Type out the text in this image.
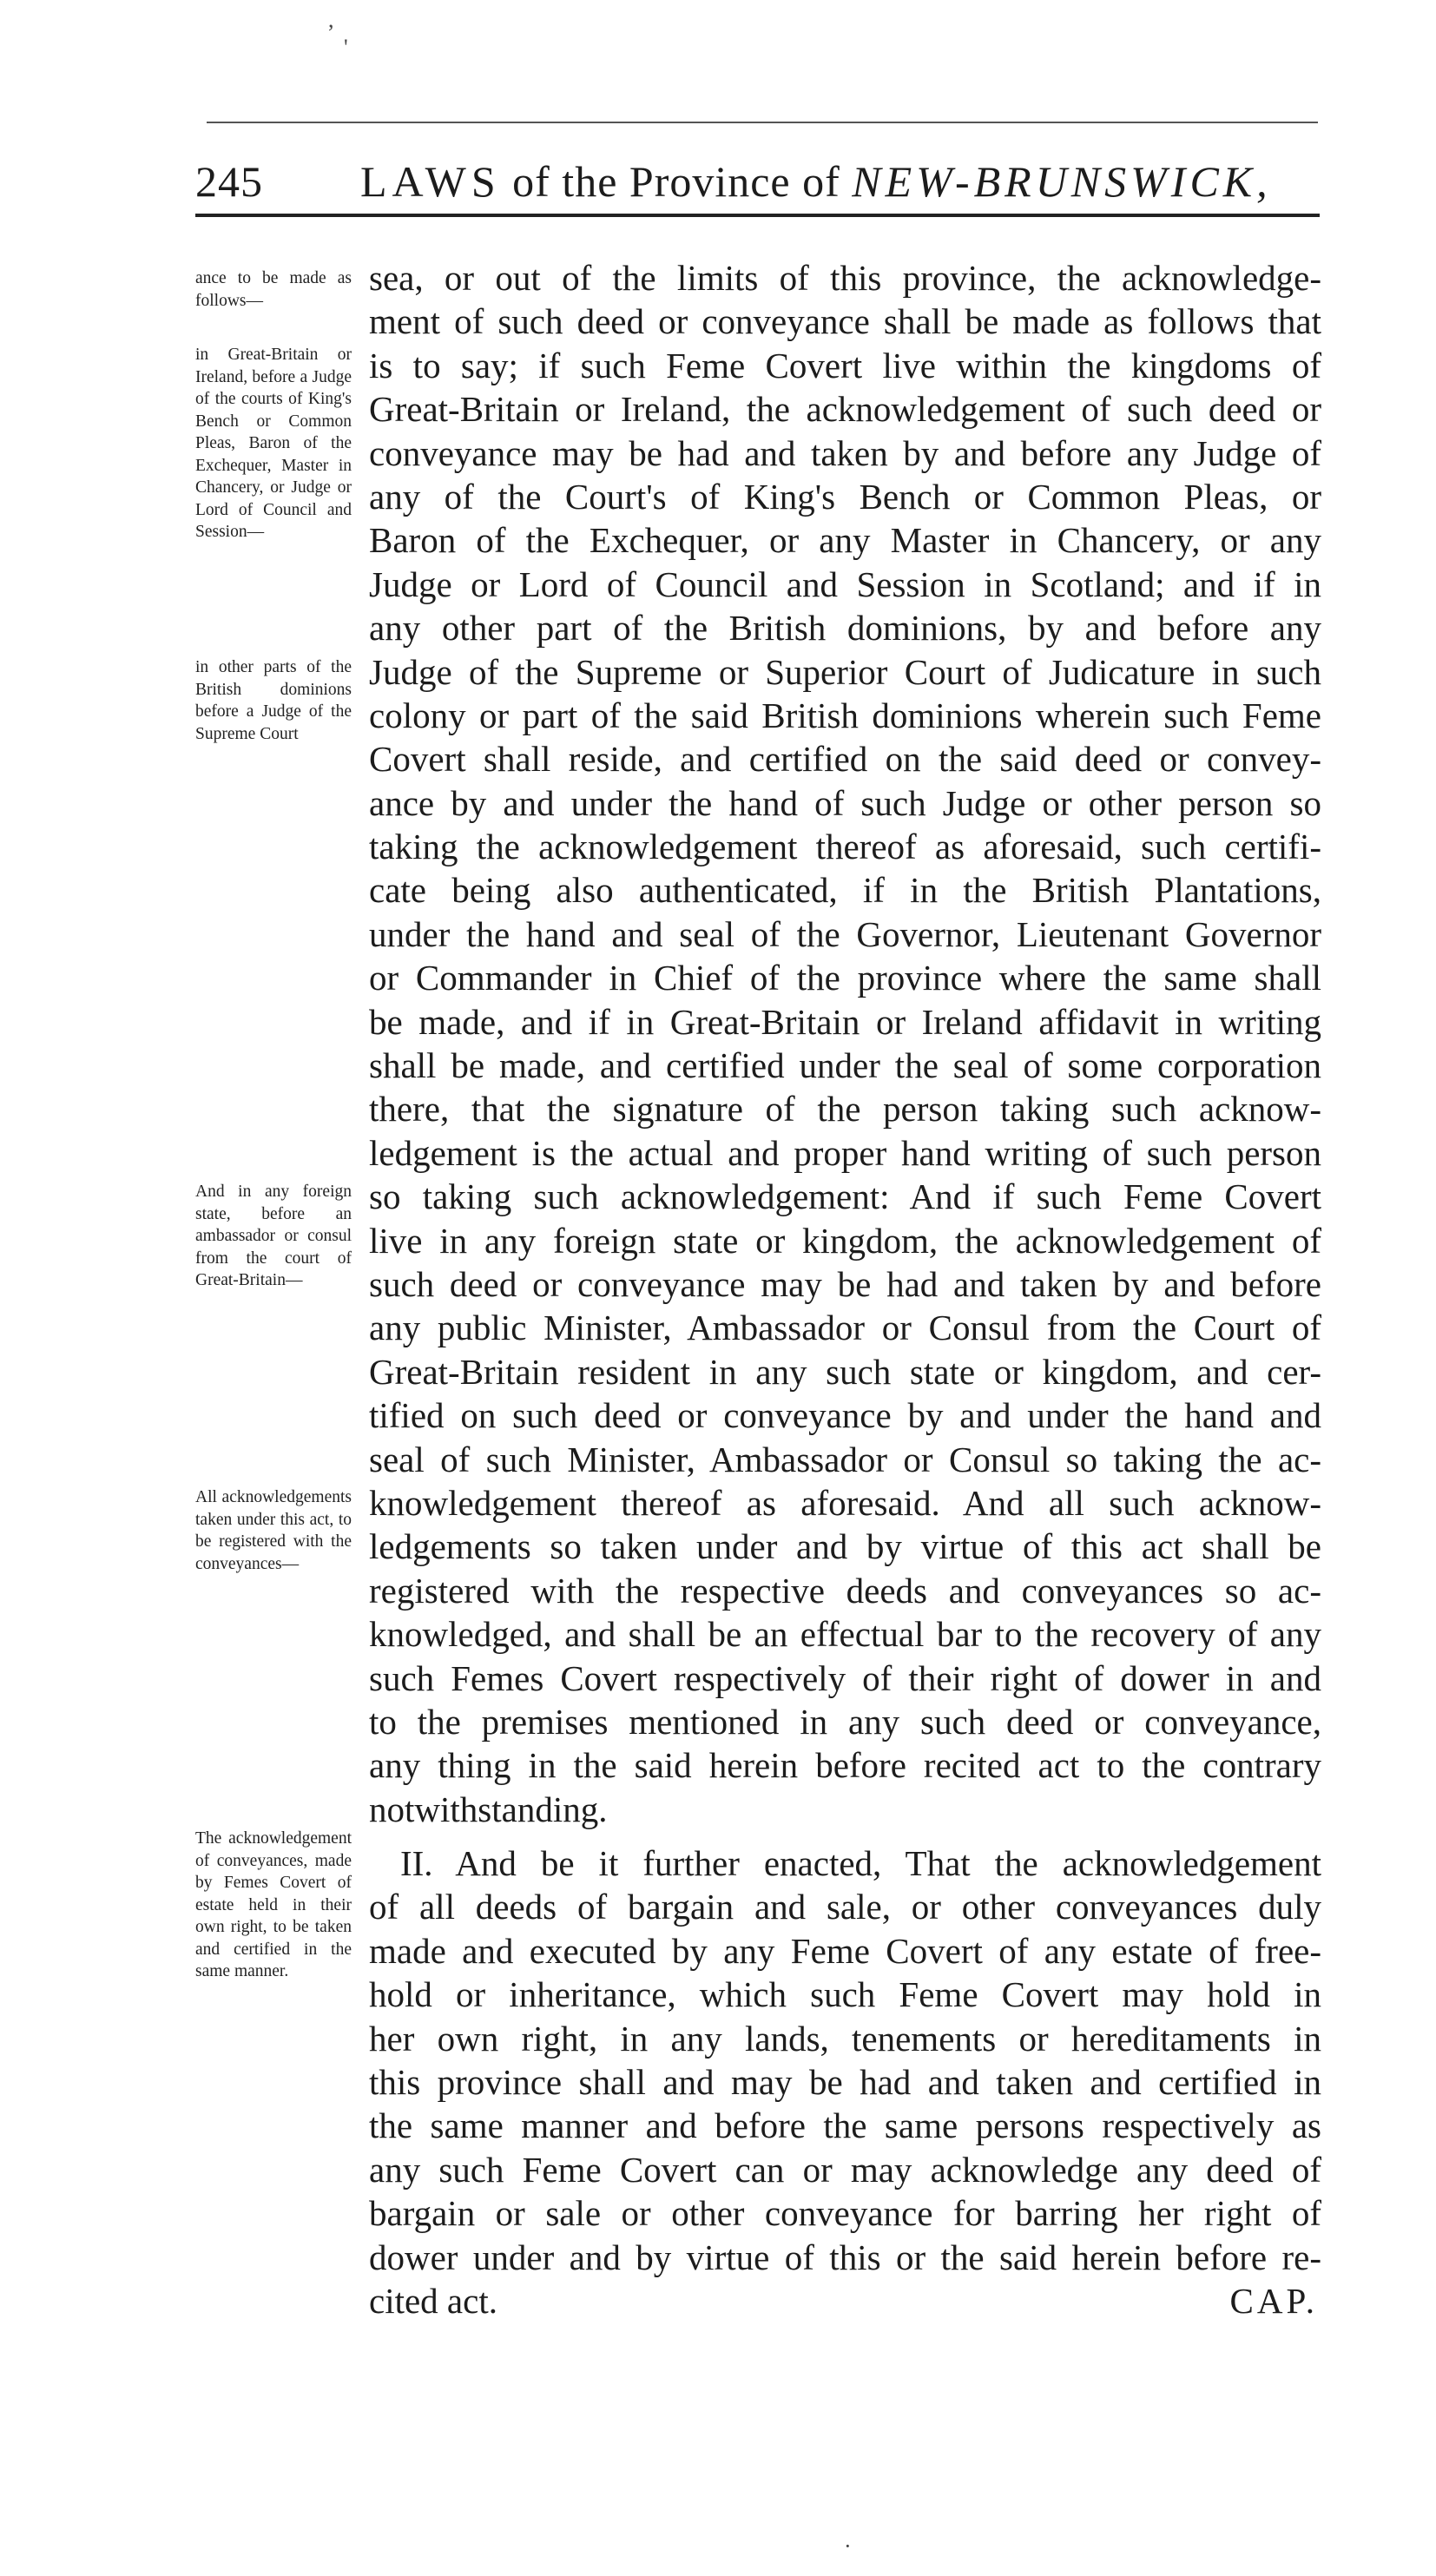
,
'
245 LAWS of the Province of NEW-BRUNSWICK,
ance to be made as follows—
in Great-Britain or Ireland, before a Judge of the courts of King's Bench or Common Pleas, Baron of the Exchequer, Master in Chancery, or Judge or Lord of Council and Session—
in other parts of the British dominions before a Judge of the Supreme Court
And in any foreign state, before an ambassador or consul from the court of Great-Britain—
All acknowledgements taken under this act, to be registered with the conveyances—
The acknowledgement of conveyances, made by Femes Covert of estate held in their own right, to be taken and certified in the same manner.
sea, or out of the limits of this province, the acknowledge-
ment of such deed or conveyance shall be made as follows that
is to say; if such Feme Covert live within the kingdoms of
Great-Britain or Ireland, the acknowledgement of such deed or
conveyance may be had and taken by and before any Judge of
any of the Court's of King's Bench or Common Pleas, or
Baron of the Exchequer, or any Master in Chancery, or any
Judge or Lord of Council and Session in Scotland; and if in
any other part of the British dominions, by and before any
Judge of the Supreme or Superior Court of Judicature in such
colony or part of the said British dominions wherein such Feme
Covert shall reside, and certified on the said deed or convey-
ance by and under the hand of such Judge or other person so
taking the acknowledgement thereof as aforesaid, such certifi-
cate being also authenticated, if in the British Plantations,
under the hand and seal of the Governor, Lieutenant Governor
or Commander in Chief of the province where the same shall
be made, and if in Great-Britain or Ireland affidavit in writing
shall be made, and certified under the seal of some corporation
there, that the signature of the person taking such acknow-
ledgement is the actual and proper hand writing of such person
so taking such acknowledgement: And if such Feme Covert
live in any foreign state or kingdom, the acknowledgement of
such deed or conveyance may be had and taken by and before
any public Minister, Ambassador or Consul from the Court of
Great-Britain resident in any such state or kingdom, and cer-
tified on such deed or conveyance by and under the hand and
seal of such Minister, Ambassador or Consul so taking the ac-
knowledgement thereof as aforesaid. And all such acknow-
ledgements so taken under and by virtue of this act shall be
registered with the respective deeds and conveyances so ac-
knowledged, and shall be an effectual bar to the recovery of any
such Femes Covert respectively of their right of dower in and
to the premises mentioned in any such deed or conveyance,
any thing in the said herein before recited act to the contrary
notwithstanding.
II. And be it further enacted, That the acknowledgement
of all deeds of bargain and sale, or other conveyances duly
made and executed by any Feme Covert of any estate of free-
hold or inheritance, which such Feme Covert may hold in
her own right, in any lands, tenements or hereditaments in
this province shall and may be had and taken and certified in
the same manner and before the same persons respectively as
any such Feme Covert can or may acknowledge any deed of
bargain or sale or other conveyance for barring her right of
dower under and by virtue of this or the said herein before re-
cited act.	CAP.
·
